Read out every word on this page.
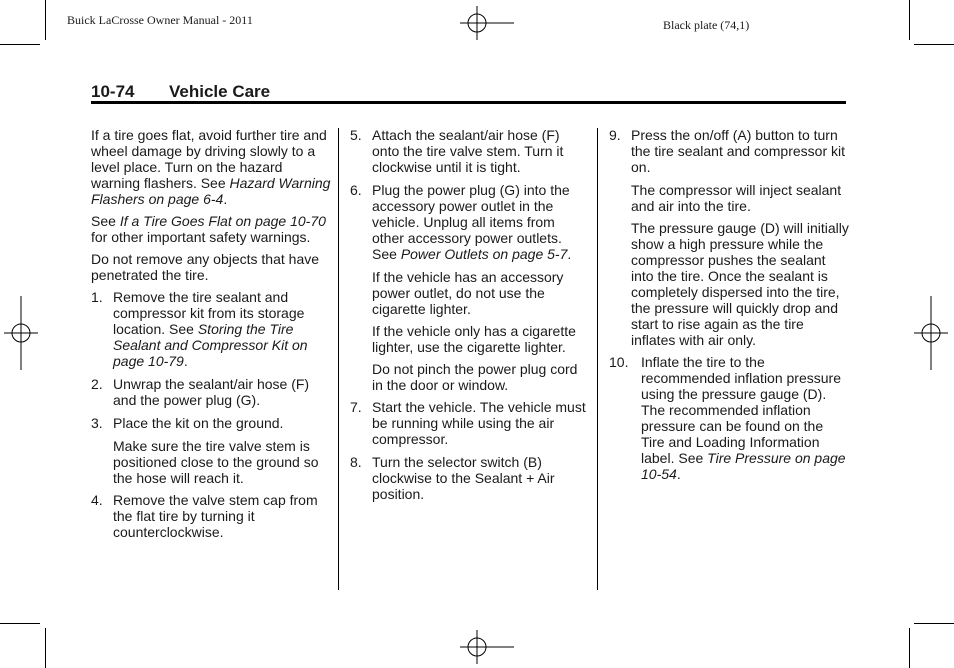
Buick LaCrosse Owner Manual - 2011	Black plate (74,1)
10-74 Vehicle Care

If a tire goes flat, avoid further tire and wheel damage by driving slowly to a level place. Turn on the hazard warning flashers. See Hazard Warning Flashers on page 6-4.

See If a Tire Goes Flat on page 10-70 for other important safety warnings.

Do not remove any objects that have penetrated the tire.

1. Remove the tire sealant and compressor kit from its storage location. See Storing the Tire Sealant and Compressor Kit on page 10-79.
2. Unwrap the sealant/air hose (F) and the power plug (G).
3. Place the kit on the ground.

Make sure the tire valve stem is positioned close to the ground so the hose will reach it.

4. Remove the valve stem cap from the flat tire by turning it counterclockwise.
5. Attach the sealant/air hose (F) onto the tire valve stem. Turn it clockwise until it is tight.
6. Plug the power plug (G) into the accessory power outlet in the vehicle. Unplug all items from other accessory power outlets. See Power Outlets on page 5-7.

If the vehicle has an accessory power outlet, do not use the cigarette lighter.

If the vehicle only has a cigarette lighter, use the cigarette lighter.

Do not pinch the power plug cord in the door or window.

7. Start the vehicle. The vehicle must be running while using the air compressor.
8. Turn the selector switch (B) clockwise to the Sealant + Air position.
9. Press the on/off (A) button to turn the tire sealant and compressor kit on.

The compressor will inject sealant and air into the tire.

The pressure gauge (D) will initially show a high pressure while the compressor pushes the sealant into the tire. Once the sealant is completely dispersed into the tire, the pressure will quickly drop and start to rise again as the tire inflates with air only.

10. Inflate the tire to the recommended inflation pressure using the pressure gauge (D). The recommended inflation pressure can be found on the Tire and Loading Information label. See Tire Pressure on page 10-54.
